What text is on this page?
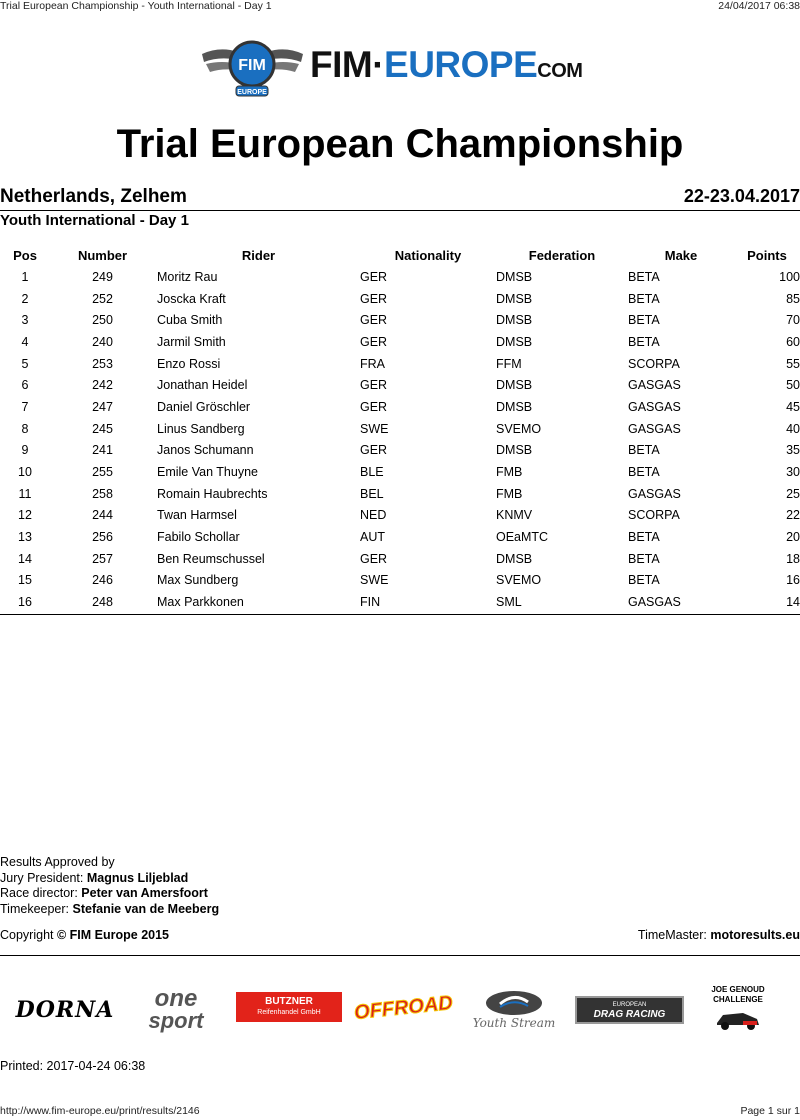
Trial European Championship - Youth International - Day 1	24/04/2017 06:38
FIM
EUROPE
FIM·EUROPECOM
Trial European Championship
Netherlands, Zelhem	22-23.04.2017
Youth International - Day 1
Pos	Number	Rider	Nationality	Federation	Make	Points
1	249	Moritz Rau	GER	DMSB	BETA	100
2	252	Joscka Kraft	GER	DMSB	BETA	85
3	250	Cuba Smith	GER	DMSB	BETA	70
4	240	Jarmil Smith	GER	DMSB	BETA	60
5	253	Enzo Rossi	FRA	FFM	SCORPA	55
6	242	Jonathan Heidel	GER	DMSB	GASGAS	50
7	247	Daniel Gröschler	GER	DMSB	GASGAS	45
8	245	Linus Sandberg	SWE	SVEMO	GASGAS	40
9	241	Janos Schumann	GER	DMSB	BETA	35
10	255	Emile Van Thuyne	BLE	FMB	BETA	30
11	258	Romain Haubrechts	BEL	FMB	GASGAS	25
12	244	Twan Harmsel	NED	KNMV	SCORPA	22
13	256	Fabilo Schollar	AUT	OEaMTC	BETA	20
14	257	Ben Reumschussel	GER	DMSB	BETA	18
15	246	Max Sundberg	SWE	SVEMO	BETA	16
16	248	Max Parkkonen	FIN	SML	GASGAS	14
Results Approved by
Jury President: Magnus Liljeblad
Race director: Peter van Amersfoort
Timekeeper: Stefanie van de Meeberg
Copyright © FIM Europe 2015	TimeMaster: motoresults.eu
DORNA one
sport
BUTZNER
Reifenhandel GmbH OFFROAD Youth Stream
EUROPEAN
DRAG RACING
JOE GENOUD
CHALLENGE
Printed: 2017-04-24 06:38
http://www.fim-europe.eu/print/results/2146	Page 1 sur 1
